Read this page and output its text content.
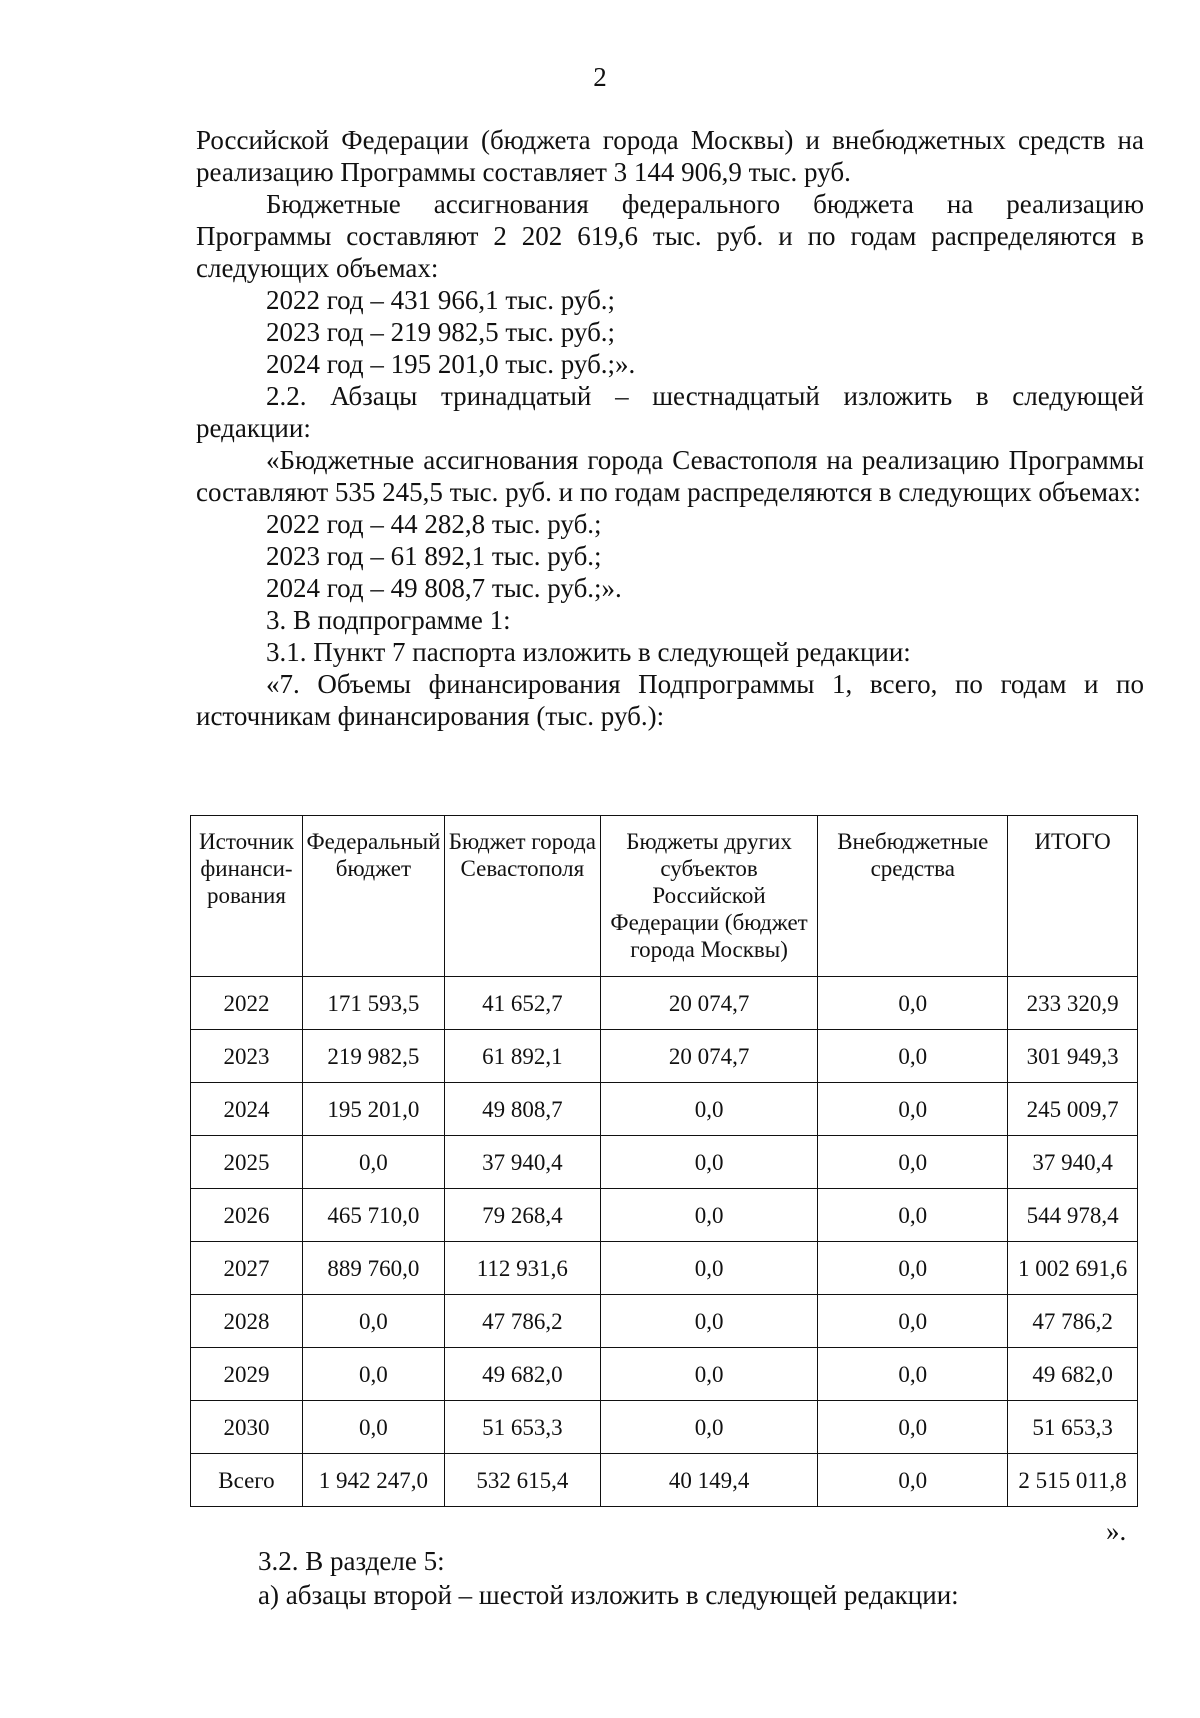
2

Российской Федерации (бюджета города Москвы) и внебюджетных средств на реализацию Программы составляет 3 144 906,9 тыс. руб.

Бюджетные ассигнования федерального бюджета на реализацию Программы составляют 2 202 619,6 тыс. руб. и по годам распределяются в следующих объемах:

2022 год – 431 966,1 тыс. руб.;

2023 год – 219 982,5 тыс. руб.;

2024 год – 195 201,0 тыс. руб.;».

2.2. Абзацы тринадцатый – шестнадцатый изложить в следующей редакции:

«Бюджетные ассигнования города Севастополя на реализацию Программы составляют 535 245,5 тыс. руб. и по годам распределяются в следующих объемах:

2022 год – 44 282,8 тыс. руб.;

2023 год – 61 892,1 тыс. руб.;

2024 год – 49 808,7 тыс. руб.;».

3. В подпрограмме 1:

3.1. Пункт 7 паспорта изложить в следующей редакции:

«7. Объемы финансирования Подпрограммы 1, всего, по годам и по источникам финансирования (тыс. руб.):

Источник финанси-рования	Федеральный бюджет	Бюджет города Севастополя	Бюджеты других субъектов Российской Федерации (бюджет города Москвы)	Внебюджетные средства	ИТОГО
2022	171 593,5	41 652,7	20 074,7	0,0	233 320,9
2023	219 982,5	61 892,1	20 074,7	0,0	301 949,3
2024	195 201,0	49 808,7	0,0	0,0	245 009,7
2025	0,0	37 940,4	0,0	0,0	37 940,4
2026	465 710,0	79 268,4	0,0	0,0	544 978,4
2027	889 760,0	112 931,6	0,0	0,0	1 002 691,6
2028	0,0	47 786,2	0,0	0,0	47 786,2
2029	0,0	49 682,0	0,0	0,0	49 682,0
2030	0,0	51 653,3	0,0	0,0	51 653,3
Всего	1 942 247,0	532 615,4	40 149,4	0,0	2 515 011,8
».

3.2. В разделе 5:

а) абзацы второй – шестой изложить в следующей редакции:
